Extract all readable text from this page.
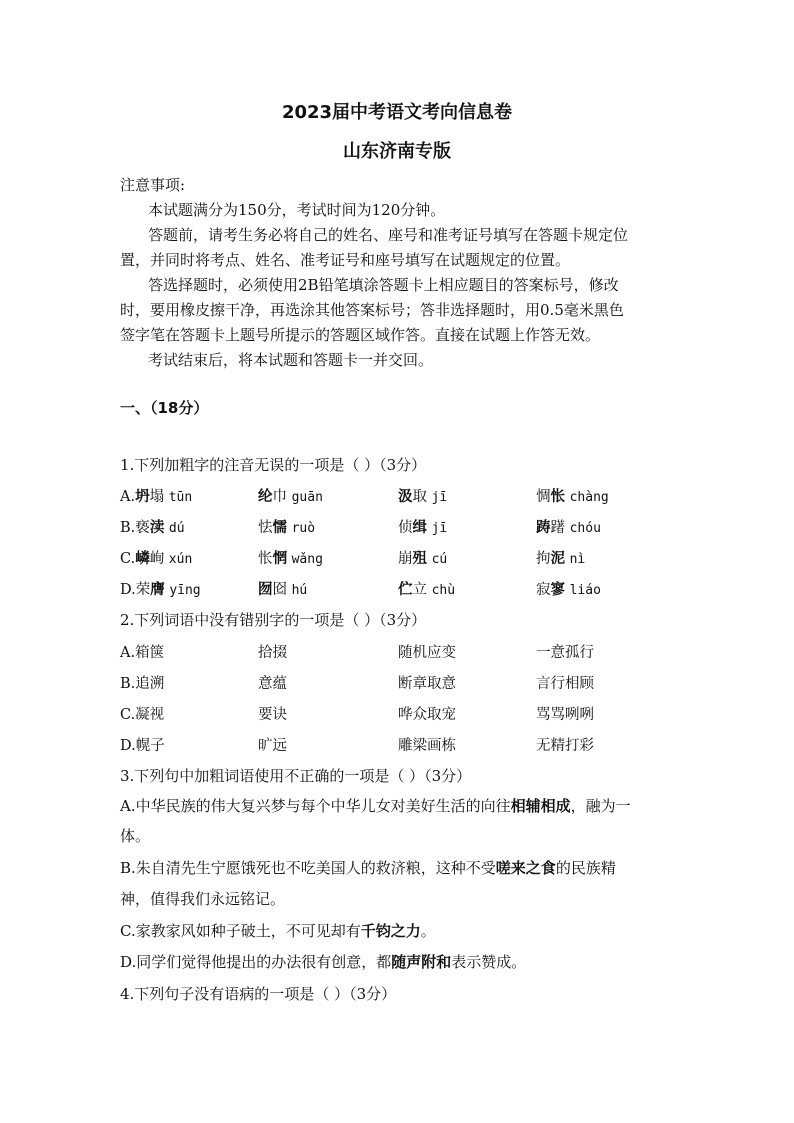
2023届中考语文考向信息卷
山东济南专版
注意事项:
本试题满分为150分，考试时间为120分钟。
答题前，请考生务必将自己的姓名、座号和准考证号填写在答题卡规定位
置，并同时将考点、姓名、准考证号和座号填写在试题规定的位置。
答选择题时，必须使用2B铅笔填涂答题卡上相应题目的答案标号，修改
时，要用橡皮擦干净，再选涂其他答案标号；答非选择题时，用0.5毫米黑色
签字笔在答题卡上题号所提示的答题区域作答。直接在试题上作答无效。
考试结束后，将本试题和答题卡一并交回。
一、（18分）
1.下列加粗字的注音无误的一项是（ ）（3分）
A.坍塌 tūn	纶巾 guān	汲取 jī	惆怅 chàng
B.亵渎 dú	怯懦 ruò	侦缉 jī	踌躇 chóu
C.嶙峋 xún	怅惘 wǎng	崩殂 cú	拘泥 nì
D.荣膺 yīng	囫囵 hú	伫立 chù	寂寥 liáo
2.下列词语中没有错别字的一项是（ ）（3分）
A.箱箧	拾掇	随机应变	一意孤行
B.追溯	意蕴	断章取意	言行相顾
C.凝视	要诀	哗众取宠	骂骂咧咧
D.幌子	旷远	雕梁画栋	无精打彩
3.下列句中加粗词语使用不正确的一项是（ ）（3分）
A.中华民族的伟大复兴梦与每个中华儿女对美好生活的向往相辅相成，融为一
体。
B.朱自清先生宁愿饿死也不吃美国人的救济粮，这种不受嗟来之食的民族精
神，值得我们永远铭记。
C.家教家风如种子破土，不可见却有千钧之力。
D.同学们觉得他提出的办法很有创意，都随声附和表示赞成。
4.下列句子没有语病的一项是（ ）（3分）
